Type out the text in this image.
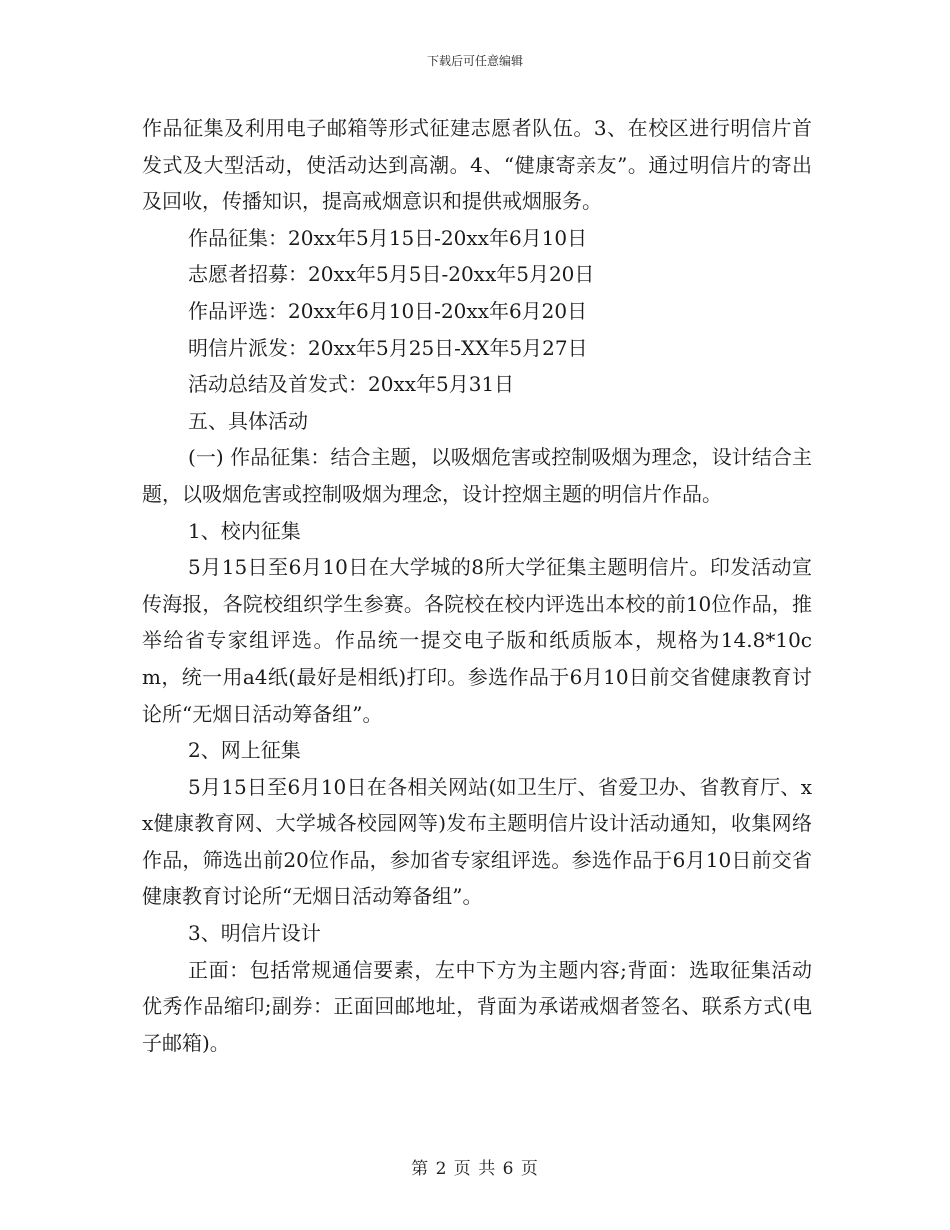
下载后可任意编辑

作品征集及利用电子邮箱等形式征建志愿者队伍。3、在校区进行明信片首发式及大型活动，使活动达到高潮。4、“健康寄亲友”。通过明信片的寄出及回收，传播知识，提高戒烟意识和提供戒烟服务。

作品征集：20xx年5月15日-20xx年6月10日

志愿者招募：20xx年5月5日-20xx年5月20日

作品评选：20xx年6月10日-20xx年6月20日

明信片派发：20xx年5月25日-XX年5月27日

活动总结及首发式：20xx年5月31日

五、具体活动

(一) 作品征集：结合主题，以吸烟危害或控制吸烟为理念，设计结合主题，以吸烟危害或控制吸烟为理念，设计控烟主题的明信片作品。

1、校内征集

5月15日至6月10日在大学城的8所大学征集主题明信片。印发活动宣传海报，各院校组织学生参赛。各院校在校内评选出本校的前10位作品，推举给省专家组评选。作品统一提交电子版和纸质版本，规格为14.8*10cm，统一用a4纸(最好是相纸)打印。参选作品于6月10日前交省健康教育讨论所“无烟日活动筹备组”。

2、网上征集

5月15日至6月10日在各相关网站(如卫生厅、省爱卫办、省教育厅、xx健康教育网、大学城各校园网等)发布主题明信片设计活动通知，收集网络作品，筛选出前20位作品，参加省专家组评选。参选作品于6月10日前交省健康教育讨论所“无烟日活动筹备组”。

3、明信片设计

正面：包括常规通信要素，左中下方为主题内容;背面：选取征集活动优秀作品缩印;副券：正面回邮地址，背面为承诺戒烟者签名、联系方式(电子邮箱)。

第 2 页 共 6 页
